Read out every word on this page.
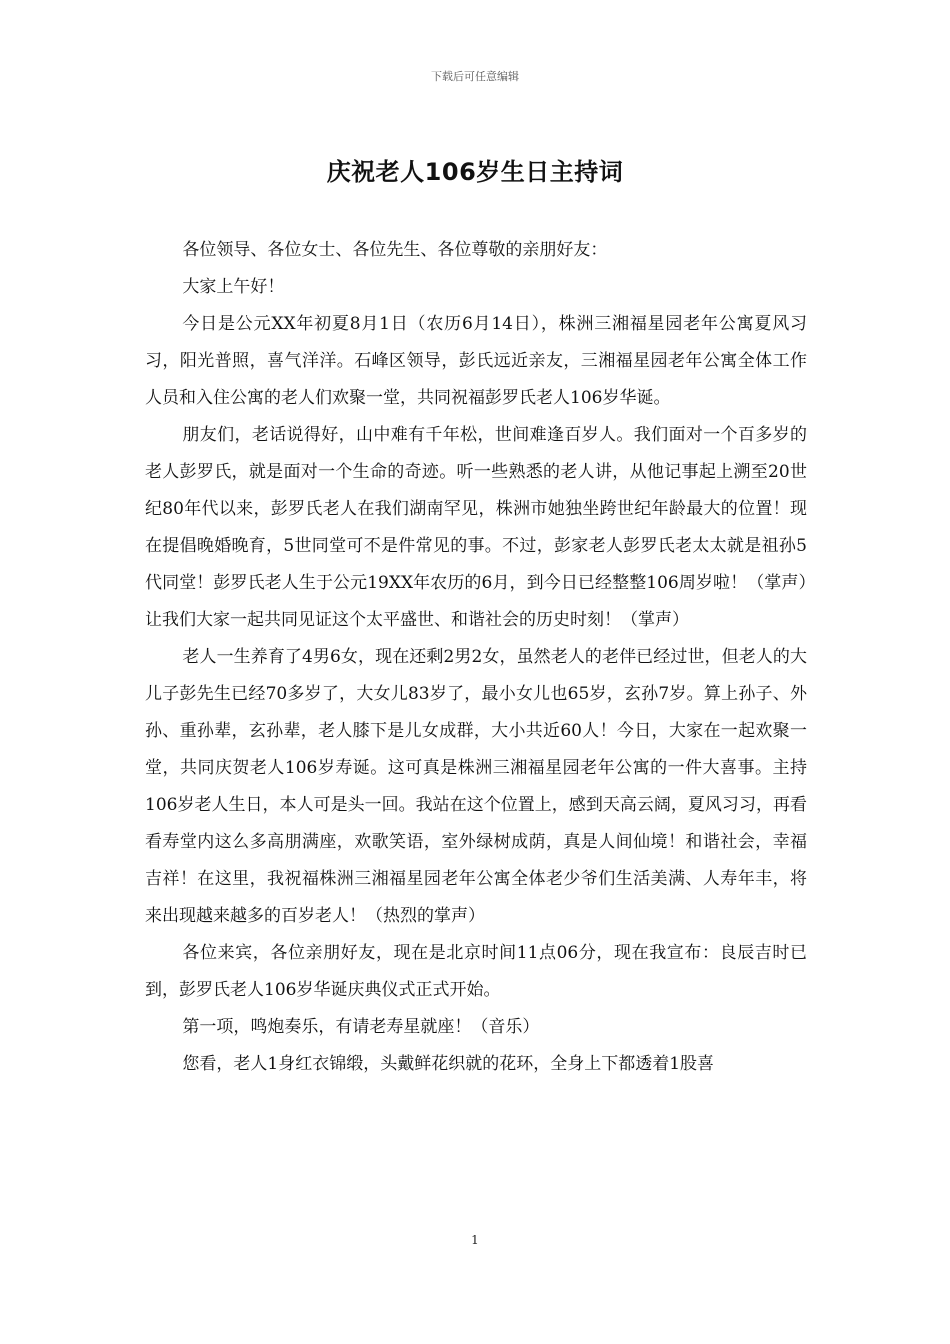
下载后可任意编辑
庆祝老人106岁生日主持词

各位领导、各位女士、各位先生、各位尊敬的亲朋好友：

大家上午好！

今日是公元XX年初夏8月1日（农历6月14日），株洲三湘福星园老年公寓夏风习习，阳光普照，喜气洋洋。石峰区领导，彭氏远近亲友，三湘福星园老年公寓全体工作人员和入住公寓的老人们欢聚一堂，共同祝福彭罗氏老人106岁华诞。

朋友们，老话说得好，山中难有千年松，世间难逢百岁人。我们面对一个百多岁的老人彭罗氏，就是面对一个生命的奇迹。听一些熟悉的老人讲，从他记事起上溯至20世纪80年代以来，彭罗氏老人在我们湖南罕见，株洲市她独坐跨世纪年龄最大的位置！现在提倡晚婚晚育，5世同堂可不是件常见的事。不过，彭家老人彭罗氏老太太就是祖孙5代同堂！彭罗氏老人生于公元19XX年农历的6月，到今日已经整整106周岁啦！（掌声）让我们大家一起共同见证这个太平盛世、和谐社会的历史时刻！（掌声）

老人一生养育了4男6女，现在还剩2男2女，虽然老人的老伴已经过世，但老人的大儿子彭先生已经70多岁了，大女儿83岁了，最小女儿也65岁，玄孙7岁。算上孙子、外孙、重孙辈，玄孙辈，老人膝下是儿女成群，大小共近60人！今日，大家在一起欢聚一堂，共同庆贺老人106岁寿诞。这可真是株洲三湘福星园老年公寓的一件大喜事。主持106岁老人生日，本人可是头一回。我站在这个位置上，感到天高云阔，夏风习习，再看看寿堂内这么多高朋满座，欢歌笑语，室外绿树成荫，真是人间仙境！和谐社会，幸福吉祥！在这里，我祝福株洲三湘福星园老年公寓全体老少爷们生活美满、人寿年丰，将来出现越来越多的百岁老人！（热烈的掌声）

各位来宾，各位亲朋好友，现在是北京时间11点06分，现在我宣布：良辰吉时已到，彭罗氏老人106岁华诞庆典仪式正式开始。

第一项，鸣炮奏乐，有请老寿星就座！（音乐）

您看，老人1身红衣锦缎，头戴鲜花织就的花环，全身上下都透着1股喜

1
